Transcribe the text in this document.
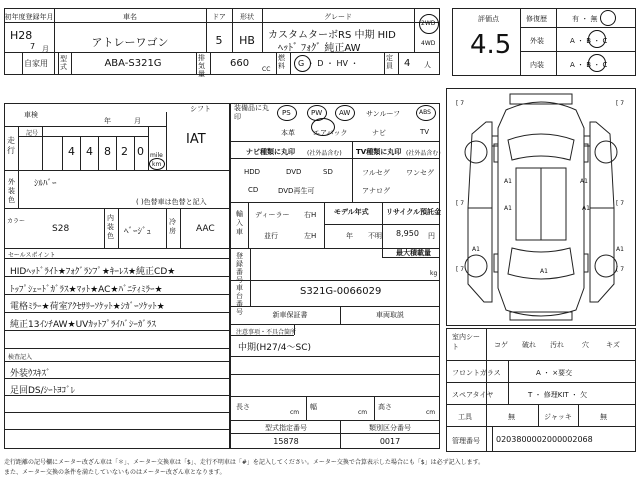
初年度登録年月	車名	ドア	形状	グレード
H28
7 月	アトレーワゴン	5	HB	カスタムターボRS 中期 HID
ﾍｯﾄﾞ ﾌｫｸﾞ 純正AW
2WD
4WD
自家用 型式	ABA-S321G	排気量
660
CC
燃料	G ・ D ・ HV ・
定員	4 人
車検
年	月
シフト
IAT
走行
記号
4 4 8 2 0 mile
km
外装色
ｼﾙﾊﾞｰ
( )色替車は色替と記入
カラー
S28
内装色 ﾍﾞｰｼﾞｭ
冷房 AAC
セールスポイント
HIDﾍｯﾄﾞﾗｲﾄ★ﾌｫｸﾞﾗﾝﾌﾟ★ｷｰﾚｽ★純正CD★
ﾄｯﾌﾟｼｪｰﾄﾞｶﾞﾗｽ★ﾏｯﾄ★AC★ﾊﾞﾆﾃｨﾐﾗｰ★
電格ﾐﾗｰ★荷室ｱｸｾｻﾘｰｿｹｯﾄ★ｼｶﾞｰｿｹｯﾄ★
純正13ｲﾝﾁAW★UVｶｯﾄﾌﾟﾗｲﾊﾞｼｰｶﾞﾗｽ
検査記入
外装ｳｽｷｽﾞ
足回DS/ｼｰﾄﾖｺﾞﾚ
装備品に丸印	PS	PW AW サンルーフ	ABS
本革	エアバック	ナビ	TV
ナビ種類に丸印 (社外品含む) TV種類に丸印 (社外品含む)
HDD	DVD	SD
CD	DVD再生可
フルセグ ワンセグ
アナログ
輸入車
ディーラー
並行
右H
左H
モデル年式
年 不明
リサイクル預託金
8,950 円
登録番号
最大積載量
kg
車台番号
S321G-0066029
新車保証書	車両取説
注意事項・不具合箇所
中期(H27/4～SC)
長さ
cm
幅
cm
高さ
cm
型式指定番号	類別区分番号
15878	0017
評価点
4.5
修復歴	有 ・ 無
外装	A ・ B ・ C
内装	A ・ B ・ C
[ 7	[ 7
[ 7	[ 7
[ 7	[ 7
A1	A1
A1	A1
A1	A1
A1
室内シート	コゲ 破れ 汚れ	穴 キズ
フロントガラス	A ・ ×要交
スペアタイヤ	T ・ 修理KIT ・ 欠
工具	無	ジャッキ	無
管理番号 0203800002000002068
走行距離の記号欄にメーター改ざん車は「＊」、メーター交換車は「$」、走行不明車は「#」を記入してください。メーター交換で合算表示した場合にも「$」は必ず記入します。
また、メーター交換の条件を満たしていないものはメーター改ざん車となります。
